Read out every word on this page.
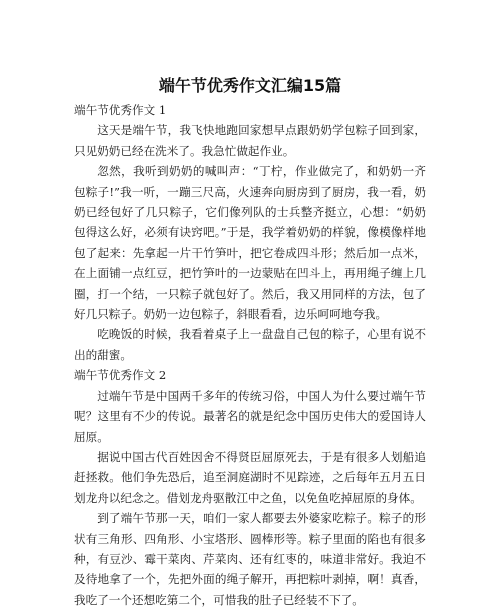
端午节优秀作文汇编15篇

端午节优秀作文 1

这天是端午节，我飞快地跑回家想早点跟奶奶学包粽子回到家，只见奶奶已经在洗米了。我急忙做起作业。

忽然，我听到奶奶的喊叫声：“丁柠，作业做完了，和奶奶一齐包粽子!”我一听，一蹦三尺高，火速奔向厨房到了厨房，我一看，奶奶已经包好了几只粽子，它们像列队的士兵整齐挺立，心想：“奶奶包得这么好，必须有诀窍吧。”于是，我学着奶奶的样貌，像模像样地包了起来：先拿起一片干竹笋叶，把它卷成四斗形；然后加一点米，在上面铺一点红豆，把竹笋叶的一边蒙贴在凹斗上，再用绳子缠上几圈，打一个结，一只粽子就包好了。然后，我又用同样的方法，包了好几只粽子。奶奶一边包粽子，斜眼看看，边乐呵呵地夸我。

吃晚饭的时候，我看着桌子上一盘盘自己包的粽子，心里有说不出的甜蜜。

端午节优秀作文 2

过端午节是中国两千多年的传统习俗，中国人为什么要过端午节呢？这里有不少的传说。最著名的就是纪念中国历史伟大的爱国诗人屈原。

据说中国古代百姓因舍不得贤臣屈原死去，于是有很多人划船追赶拯救。他们争先恐后，追至洞庭湖时不见踪迹，之后每年五月五日划龙舟以纪念之。借划龙舟驱散江中之鱼，以免鱼吃掉屈原的身体。

到了端午节那一天，咱们一家人都要去外婆家吃粽子。粽子的形状有三角形、四角形、小宝塔形、圆棒形等。粽子里面的陷也有很多种，有豆沙、霉干菜肉、芹菜肉、还有红枣的，味道非常好。我迫不及待地拿了一个，先把外面的绳子解开，再把粽叶剥掉，啊！真香，我吃了一个还想吃第二个，可惜我的肚子已经装不下了。
